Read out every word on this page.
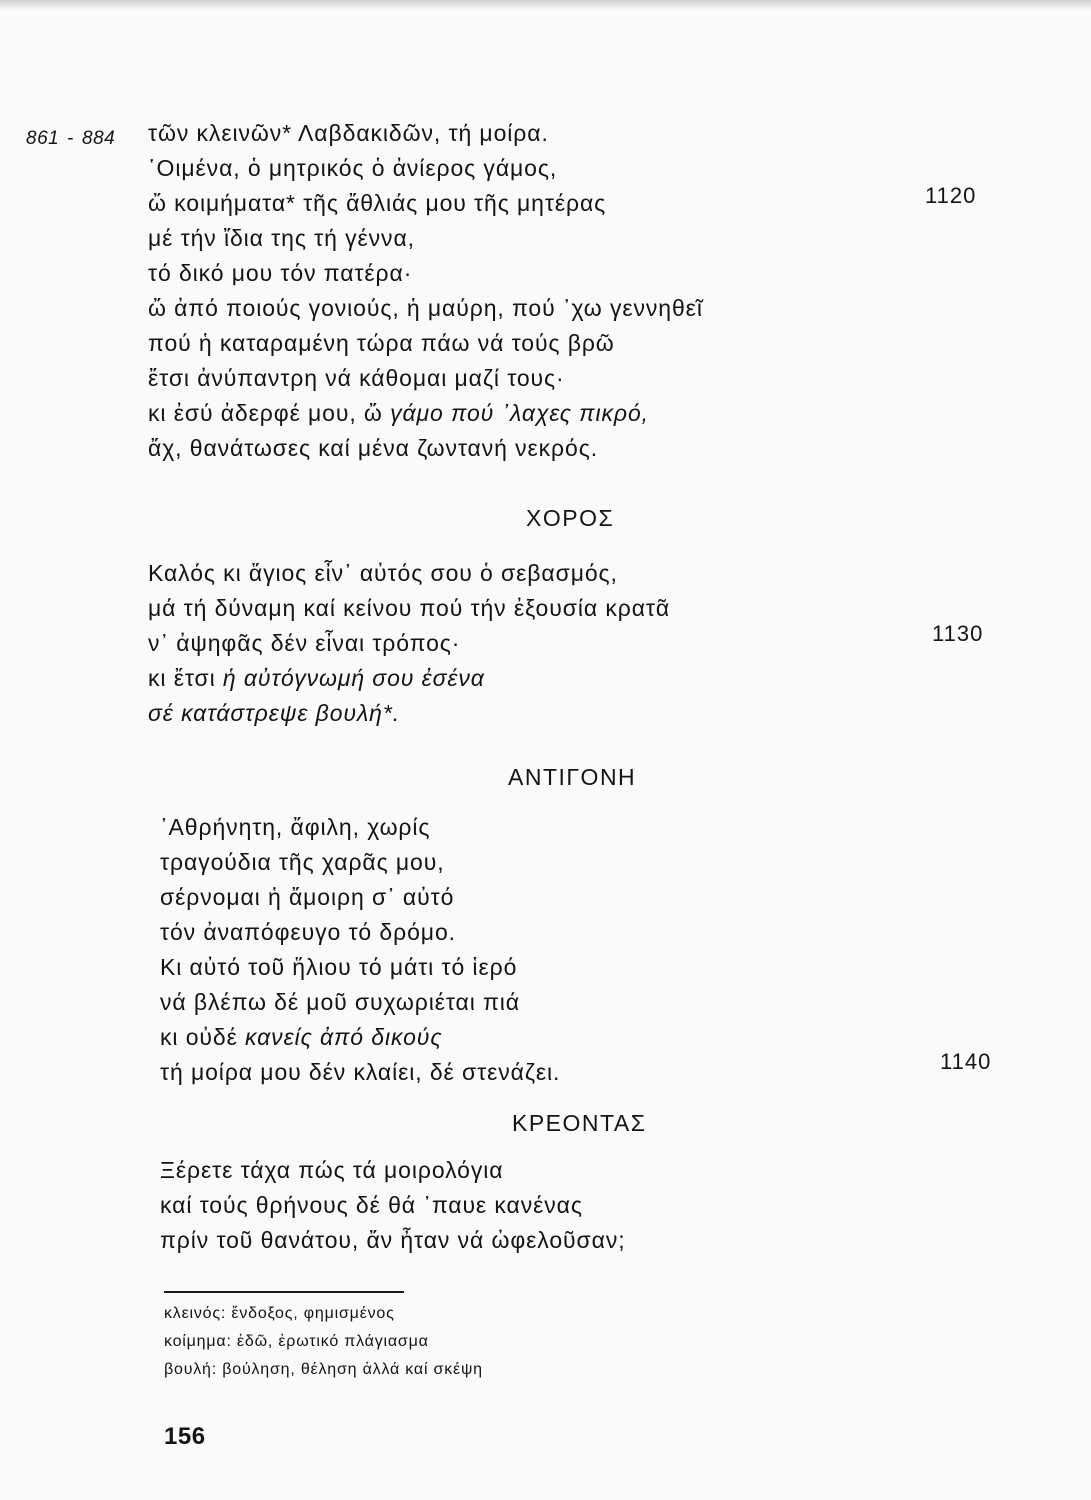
861 - 884 τῶν κλεινῶν* Λαβδακιδῶν, τή μοίρα.
῾Οιμένα, ὁ μητρικός ὁ ἀνίερος γάμος,
ὤ κοιμήματα* τῆς ἄθλιάς μου τῆς μητέρας
μέ τήν ἴδια της τή γέννα,
τό δικό μου τόν πατέρα·
ὤ ἀπό ποιούς γονιούς, ἡ μαύρη, πού ᾿χω γεννηθεῖ
πού ἡ καταραμένη τώρα πάω νά τούς βρῶ
ἔτσι ἀνύπαντρη νά κάθομαι μαζί τους·
κι ἐσύ ἀδερφέ μου, ὤ γάμο πού ᾿λαχες πικρό,
ἄχ, θανάτωσες καί μένα ζωντανή νεκρός.
1120
ΧΟΡΟΣ
Καλός κι ἅγιος εἶν᾿ αὐτός σου ὁ σεβασμός,
μά τή δύναμη καί κείνου πού τήν ἐξουσία κρατᾶ
ν᾿ ἀψηφᾶς δέν εἶναι τρόπος·
κι ἔτσι ἡ αὐτόγνωμή σου ἐσένα
σέ κατάστρεψε βουλή*.
1130
ΑΝΤΙΓΟΝΗ
᾿Αθρήνητη, ἄφιλη, χωρίς
τραγούδια τῆς χαρᾶς μου,
σέρνομαι ἡ ἄμοιρη σ᾿ αὐτό
τόν ἀναπόφευγο τό δρόμο.
Κι αὐτό τοῦ ἥλιου τό μάτι τό ἱερό
νά βλέπω δέ μοῦ συχωριέται πιά
κι οὐδέ κανείς ἀπό δικούς
τή μοίρα μου δέν κλαίει, δέ στενάζει.	1140
ΚΡΕΟΝΤΑΣ
Ξέρετε τάχα πώς τά μοιρολόγια
καί τούς θρήνους δέ θά ᾿παυε κανένας
πρίν τοῦ θανάτου, ἄν ἦταν νά ὠφελοῦσαν;
κλεινός: ἔνδοξος, φημισμένος
κοίμημα: ἐδῶ, ἐρωτικό πλάγιασμα
βουλή: βούληση, θέληση ἀλλά καί σκέψη
156
